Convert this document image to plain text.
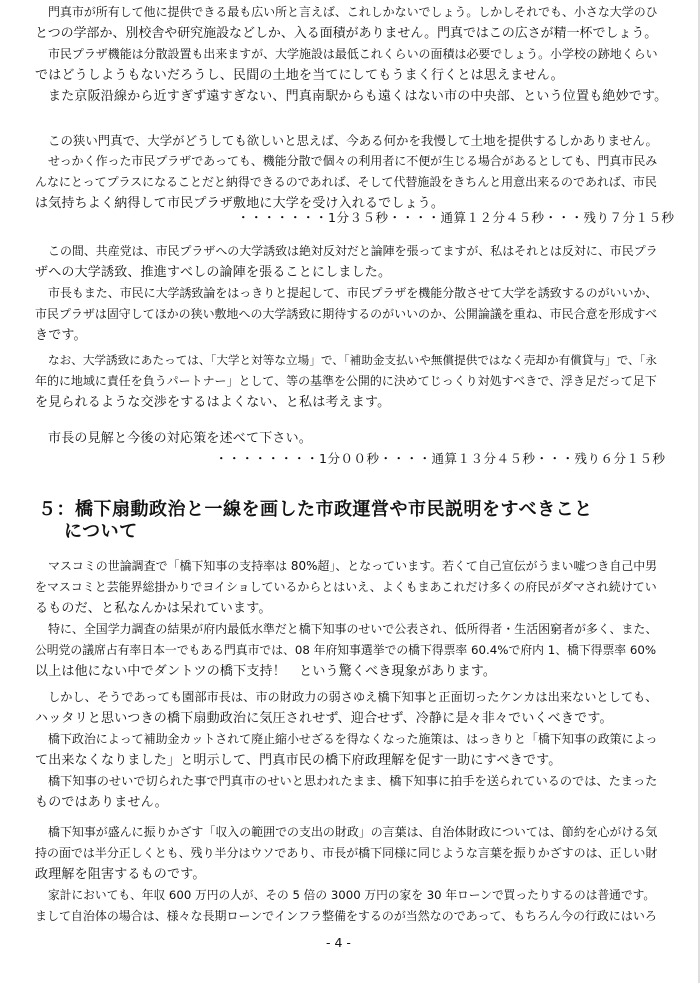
門真市が所有して他に提供できる最も広い所と言えば、これしかないでしょう。しかしそれでも、小さな大学のひ
とつの学部か、別校舎や研究施設などしか、入る面積がありません。門真ではこの広さが精一杯でしょう。
市民プラザ機能は分散設置も出来ますが、大学施設は最低これくらいの面積は必要でしょう。小学校の跡地くらい
ではどうしようもないだろうし、民間の土地を当てにしてもうまく行くとは思えません。
また京阪沿線から近すぎず遠すぎない、門真南駅からも遠くはない市の中央部、という位置も絶妙です。
この狭い門真で、大学がどうしても欲しいと思えば、今ある何かを我慢して土地を提供するしかありません。
せっかく作った市民プラザであっても、機能分散で個々の利用者に不便が生じる場合があるとしても、門真市民み
んなにとってプラスになることだと納得できるのであれば、そして代替施設をきちんと用意出来るのであれば、市民
は気持ちよく納得して市民プラザ敷地に大学を受け入れるでしょう。
・・・・・・・1分３５秒・・・・通算１２分４５秒・・・残り７分１５秒
この間、共産党は、市民プラザへの大学誘致は絶対反対だと論陣を張ってますが、私はそれとは反対に、市民プラ
ザへの大学誘致、推進すべしの論陣を張ることにしました。
市長もまた、市民に大学誘致論をはっきりと提起して、市民プラザを機能分散させて大学を誘致するのがいいか、
市民プラザは固守してほかの狭い敷地への大学誘致に期待するのがいいのか、公開論議を重ね、市民合意を形成すべ
きです。
なお、大学誘致にあたっては、「大学と対等な立場」で、「補助金支払いや無償提供ではなく売却か有償貸与」で、「永
年的に地域に責任を負うパートナー」として、等の基準を公開的に決めてじっくり対処すべきで、浮き足だって足下
を見られるような交渉をするはよくない、と私は考えます。
市長の見解と今後の対応策を述べて下さい。
・・・・・・・・1分００秒・・・・通算１３分４５秒・・・残り６分１５秒
５：橋下扇動政治と一線を画した市政運営や市民説明をすべきこと
について
マスコミの世論調査で「橋下知事の支持率は 80%超」、となっています。若くて自己宣伝がうまい嘘つき自己中男
をマスコミと芸能界総掛かりでヨイショしているからとはいえ、よくもまあこれだけ多くの府民がダマされ続けてい
るものだ、と私なんかは呆れています。
特に、全国学力調査の結果が府内最低水準だと橋下知事のせいで公表され、低所得者・生活困窮者が多く、また、
公明党の議席占有率日本一でもある門真市では、08 年府知事選挙での橋下得票率 60.4%で府内 1、橋下得票率 60%
以上は他にない中でダントツの橋下支持！　という驚くべき現象があります。
しかし、そうであっても園部市長は、市の財政力の弱さゆえ橋下知事と正面切ったケンカは出来ないとしても、
ハッタリと思いつきの橋下扇動政治に気圧されせず、迎合せず、冷静に是々非々でいくべきです。
橋下政治によって補助金カットされて廃止縮小せざるを得なくなった施策は、はっきりと「橋下知事の政策によっ
て出来なくなりました」と明示して、門真市民の橋下府政理解を促す一助にすべきです。
橋下知事のせいで切られた事で門真市のせいと思われたまま、橋下知事に拍手を送られているのでは、たまった
ものではありません。
橋下知事が盛んに振りかざす「収入の範囲での支出の財政」の言葉は、自治体財政については、節約を心がける気
持の面では半分正しくとも、残り半分はウソであり、市長が橋下同様に同じような言葉を振りかざすのは、正しい財
政理解を阻害するものです。
家計においても、年収 600 万円の人が、その 5 倍の 3000 万円の家を 30 年ローンで買ったりするのは普通です。
まして自治体の場合は、様々な長期ローンでインフラ整備をするのが当然なのであって、もちろん今の行政にはいろ
- 4 -
